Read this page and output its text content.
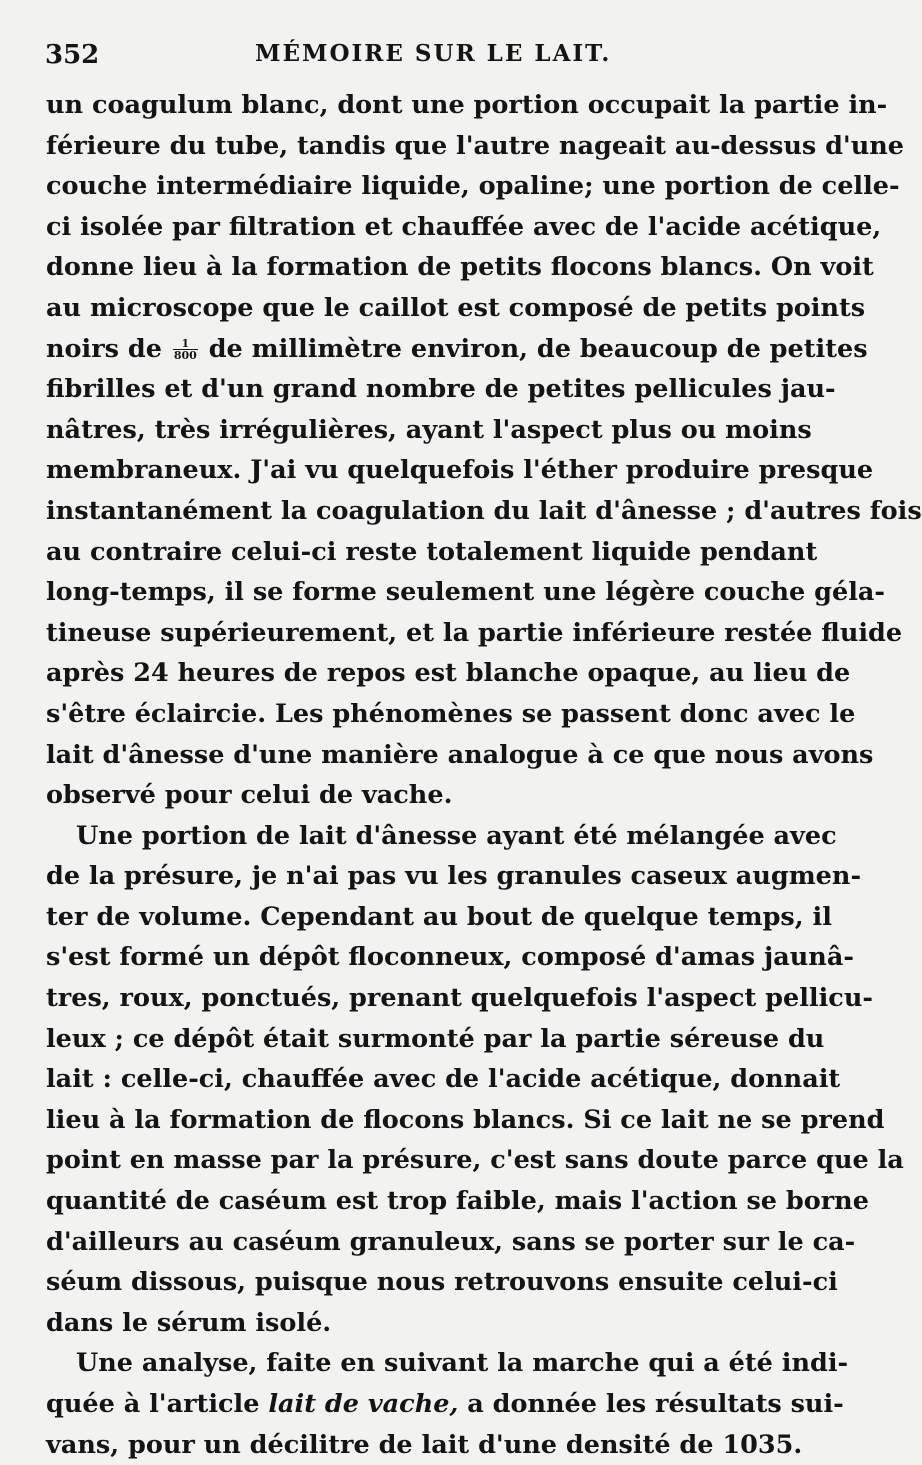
352	MÉMOIRE SUR LE LAIT.
un coagulum blanc, dont une portion occupait la partie in-
férieure du tube, tandis que l'autre nageait au-dessus d'une
couche intermédiaire liquide, opaline; une portion de celle-
ci isolée par filtration et chauffée avec de l'acide acétique,
donne lieu à la formation de petits flocons blancs. On voit
au microscope que le caillot est composé de petits points
noirs de $\frac{1}{800}$ de millimètre environ, de beaucoup de petites
fibrilles et d'un grand nombre de petites pellicules jau-
nâtres, très irrégulières, ayant l'aspect plus ou moins
membraneux. J'ai vu quelquefois l'éther produire presque
instantanément la coagulation du lait d'ânesse ; d'autres fois
au contraire celui-ci reste totalement liquide pendant
long-temps, il se forme seulement une légère couche géla-
tineuse supérieurement, et la partie inférieure restée fluide
après 24 heures de repos est blanche opaque, au lieu de
s'être éclaircie. Les phénomènes se passent donc avec le
lait d'ânesse d'une manière analogue à ce que nous avons
observé pour celui de vache.
Une portion de lait d'ânesse ayant été mélangée avec
de la présure, je n'ai pas vu les granules caseux augmen-
ter de volume. Cependant au bout de quelque temps, il
s'est formé un dépôt floconneux, composé d'amas jaunâ-
tres, roux, ponctués, prenant quelquefois l'aspect pellicu-
leux ; ce dépôt était surmonté par la partie séreuse du
lait : celle-ci, chauffée avec de l'acide acétique, donnait
lieu à la formation de flocons blancs. Si ce lait ne se prend
point en masse par la présure, c'est sans doute parce que la
quantité de caséum est trop faible, mais l'action se borne
d'ailleurs au caséum granuleux, sans se porter sur le ca-
séum dissous, puisque nous retrouvons ensuite celui-ci
dans le sérum isolé.
Une analyse, faite en suivant la marche qui a été indi-
quée à l'article lait de vache, a donnée les résultats sui-
vans, pour un décilitre de lait d'une densité de 1035.
